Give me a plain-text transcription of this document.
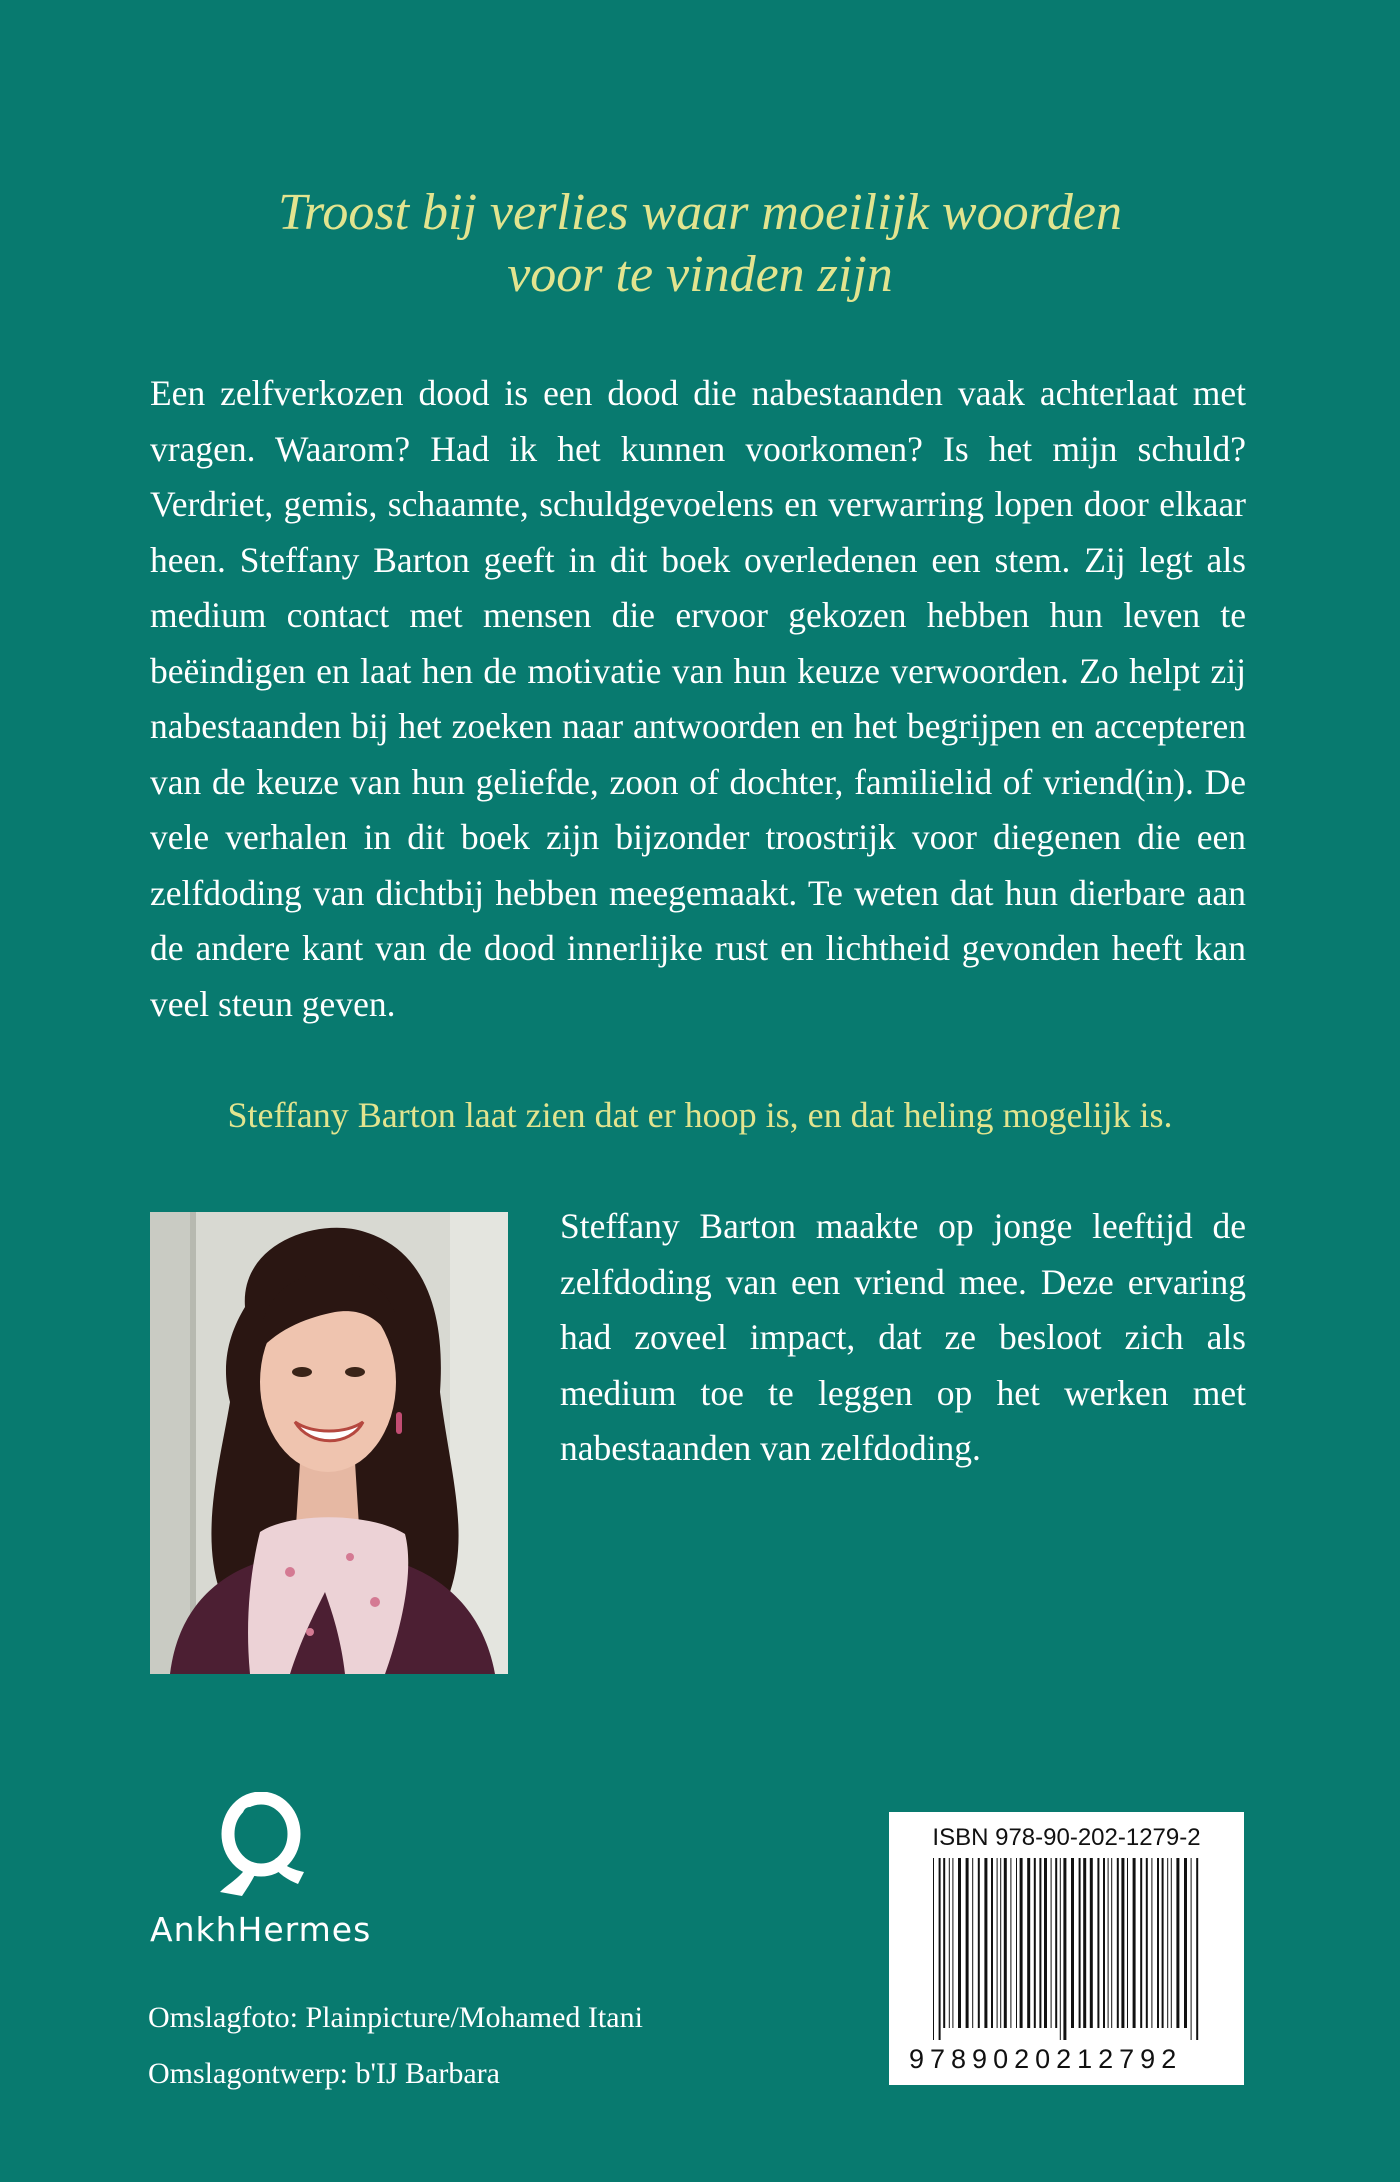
Troost bij verlies waar moeilijk woorden
voor te vinden zijn

Een zelfverkozen dood is een dood die nabestaanden vaak achterlaat met vragen. Waarom? Had ik het kunnen voorkomen? Is het mijn schuld? Verdriet, gemis, schaamte, schuldgevoelens en verwarring lopen door elkaar heen. Steffany Barton geeft in dit boek overledenen een stem. Zij legt als medium contact met mensen die ervoor gekozen hebben hun leven te beëindigen en laat hen de motivatie van hun keuze verwoorden. Zo helpt zij nabestaanden bij het zoeken naar antwoorden en het begrijpen en accepteren van de keuze van hun geliefde, zoon of dochter, familielid of vriend(in). De vele verhalen in dit boek zijn bijzonder troostrijk voor diegenen die een zelfdoding van dichtbij hebben meegemaakt. Te weten dat hun dierbare aan de andere kant van de dood innerlijke rust en lichtheid gevonden heeft kan veel steun geven.

Steffany Barton laat zien dat er hoop is, en dat heling mogelijk is.

Steffany Barton maakte op jonge leeftijd de zelfdoding van een vriend mee. Deze ervaring had zoveel impact, dat ze besloot zich als medium toe te leggen op het werken met nabestaanden van zelfdoding.

AnkhHermes
Omslagfoto: Plainpicture/Mohamed Itani
Omslagontwerp: b'IJ Barbara
ISBN 978-90-202-1279-2
9789020212792
